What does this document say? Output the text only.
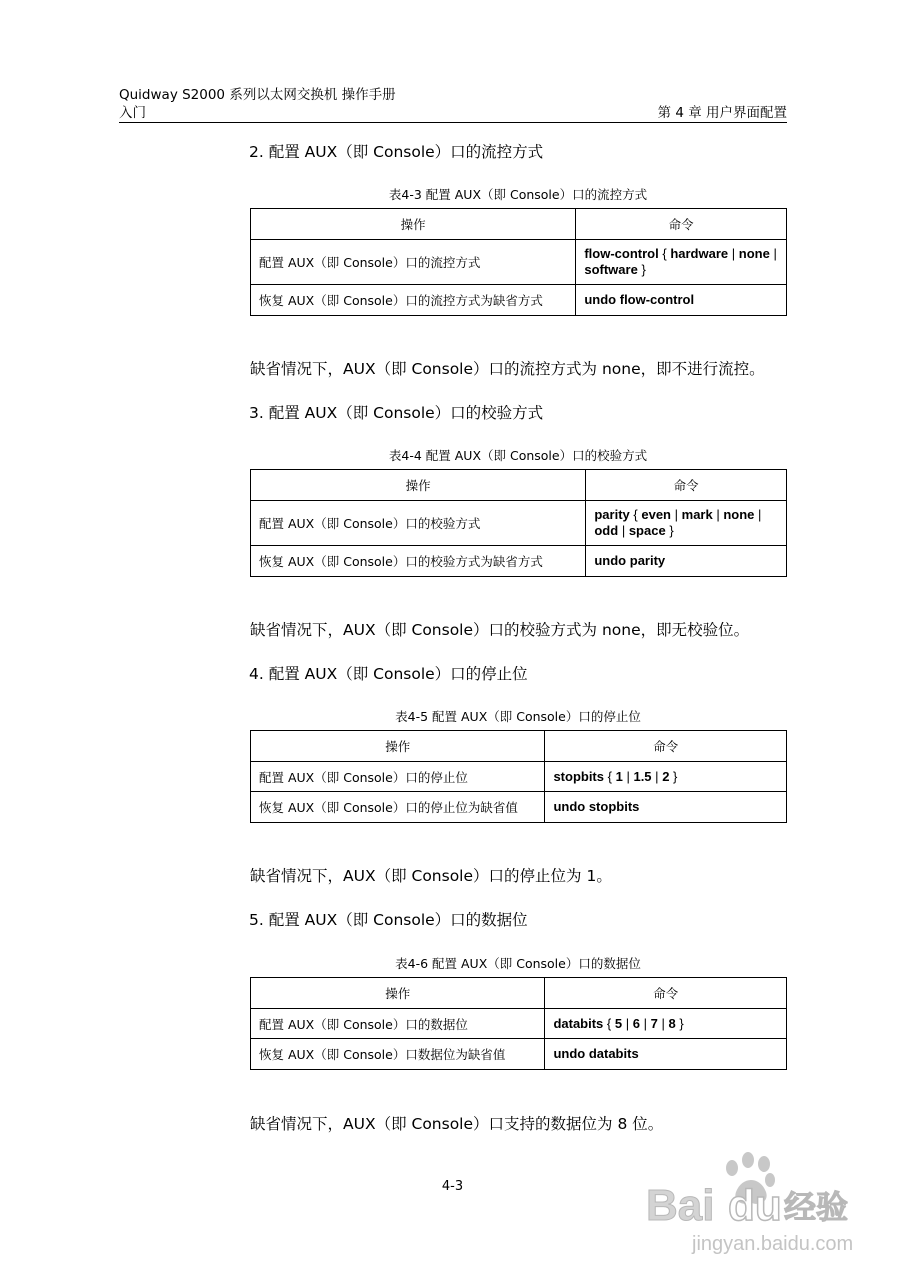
Quidway S2000 系列以太网交换机 操作手册
入门	第 4 章 用户界面配置
2. 配置 AUX（即 Console）口的流控方式
表4-3 配置 AUX（即 Console）口的流控方式
操作	命令
配置 AUX（即 Console）口的流控方式	flow-control { hardware | none | software }
恢复 AUX（即 Console）口的流控方式为缺省方式	undo flow-control
缺省情况下，AUX（即 Console）口的流控方式为 none，即不进行流控。
3. 配置 AUX（即 Console）口的校验方式
表4-4 配置 AUX（即 Console）口的校验方式
操作	命令
配置 AUX（即 Console）口的校验方式	parity { even | mark | none | odd | space }
恢复 AUX（即 Console）口的校验方式为缺省方式	undo parity
缺省情况下，AUX（即 Console）口的校验方式为 none，即无校验位。
4. 配置 AUX（即 Console）口的停止位
表4-5 配置 AUX（即 Console）口的停止位
操作	命令
配置 AUX（即 Console）口的停止位	stopbits { 1 | 1.5 | 2 }
恢复 AUX（即 Console）口的停止位为缺省值	undo stopbits
缺省情况下，AUX（即 Console）口的停止位为 1。
5. 配置 AUX（即 Console）口的数据位
表4-6 配置 AUX（即 Console）口的数据位
操作	命令
配置 AUX（即 Console）口的数据位	databits { 5 | 6 | 7 | 8 }
恢复 AUX（即 Console）口数据位为缺省值	undo databits
缺省情况下，AUX（即 Console）口支持的数据位为 8 位。
4-3	Bai du 经验
jingyan.baidu.com
